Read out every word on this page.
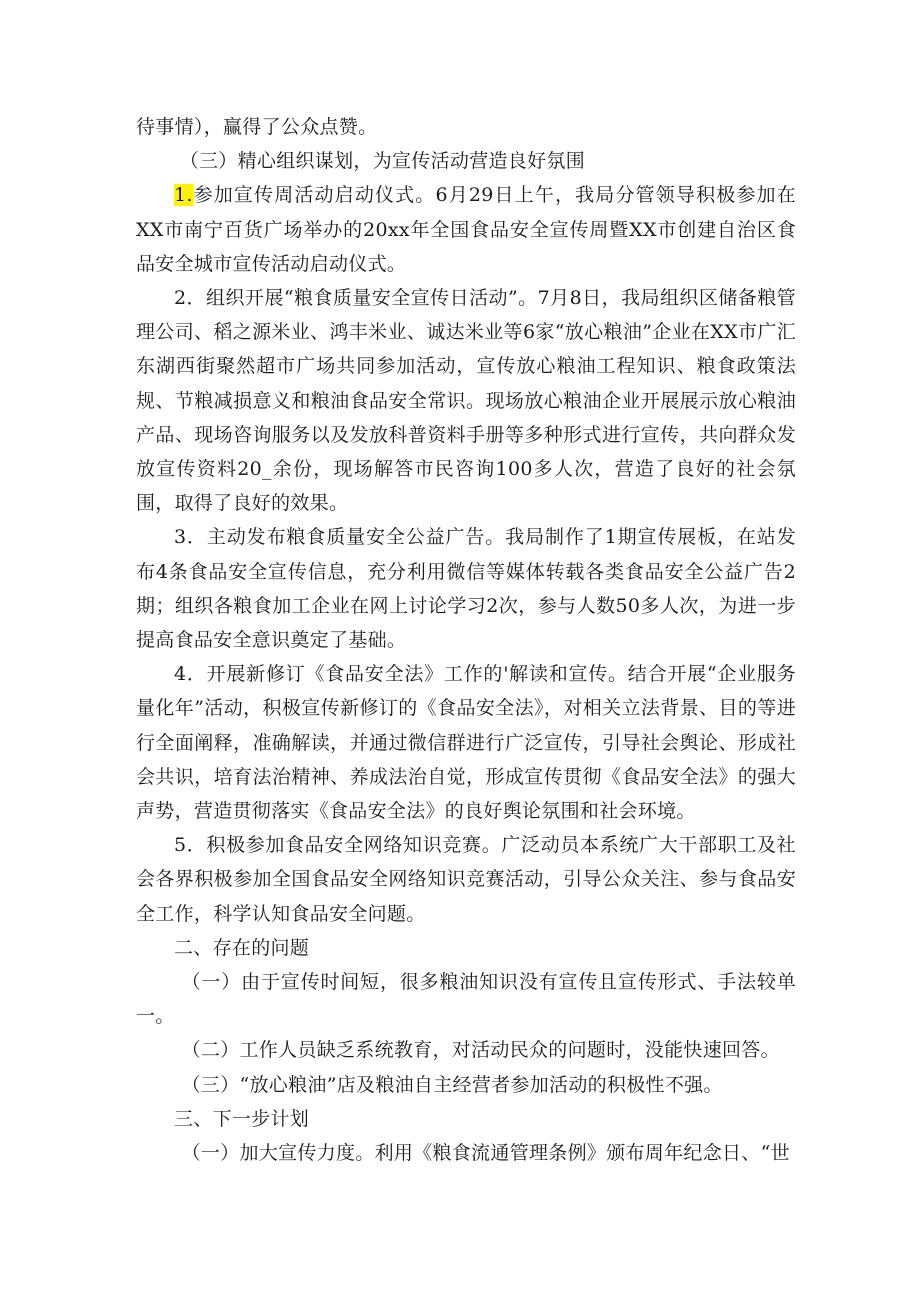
待事情），赢得了公众点赞。

（三）精心组织谋划，为宣传活动营造良好氛围

1.参加宣传周活动启动仪式。6月29日上午，我局分管领导积极参加在XX市南宁百货广场举办的20xx年全国食品安全宣传周暨XX市创建自治区食品安全城市宣传活动启动仪式。

2．组织开展“粮食质量安全宣传日活动”。7月8日，我局组织区储备粮管理公司、稻之源米业、鸿丰米业、诚达米业等6家“放心粮油”企业在XX市广汇东湖西街聚然超市广场共同参加活动，宣传放心粮油工程知识、粮食政策法规、节粮减损意义和粮油食品安全常识。现场放心粮油企业开展展示放心粮油产品、现场咨询服务以及发放科普资料手册等多种形式进行宣传，共向群众发放宣传资料20_余份，现场解答市民咨询100多人次，营造了良好的社会氛围，取得了良好的效果。

3．主动发布粮食质量安全公益广告。我局制作了1期宣传展板，在站发布4条食品安全宣传信息，充分利用微信等媒体转载各类食品安全公益广告2期；组织各粮食加工企业在网上讨论学习2次，参与人数50多人次，为进一步提高食品安全意识奠定了基础。

4．开展新修订《食品安全法》工作的'解读和宣传。结合开展“企业服务量化年”活动，积极宣传新修订的《食品安全法》，对相关立法背景、目的等进行全面阐释，准确解读，并通过微信群进行广泛宣传，引导社会舆论、形成社会共识，培育法治精神、养成法治自觉，形成宣传贯彻《食品安全法》的强大声势，营造贯彻落实《食品安全法》的良好舆论氛围和社会环境。

5．积极参加食品安全网络知识竞赛。广泛动员本系统广大干部职工及社会各界积极参加全国食品安全网络知识竞赛活动，引导公众关注、参与食品安全工作，科学认知食品安全问题。

二、存在的问题

（一）由于宣传时间短，很多粮油知识没有宣传且宣传形式、手法较单一。

（二）工作人员缺乏系统教育，对活动民众的问题时，没能快速回答。

（三）“放心粮油”店及粮油自主经营者参加活动的积极性不强。

三、下一步计划

（一）加大宣传力度。利用《粮食流通管理条例》颁布周年纪念日、“世
